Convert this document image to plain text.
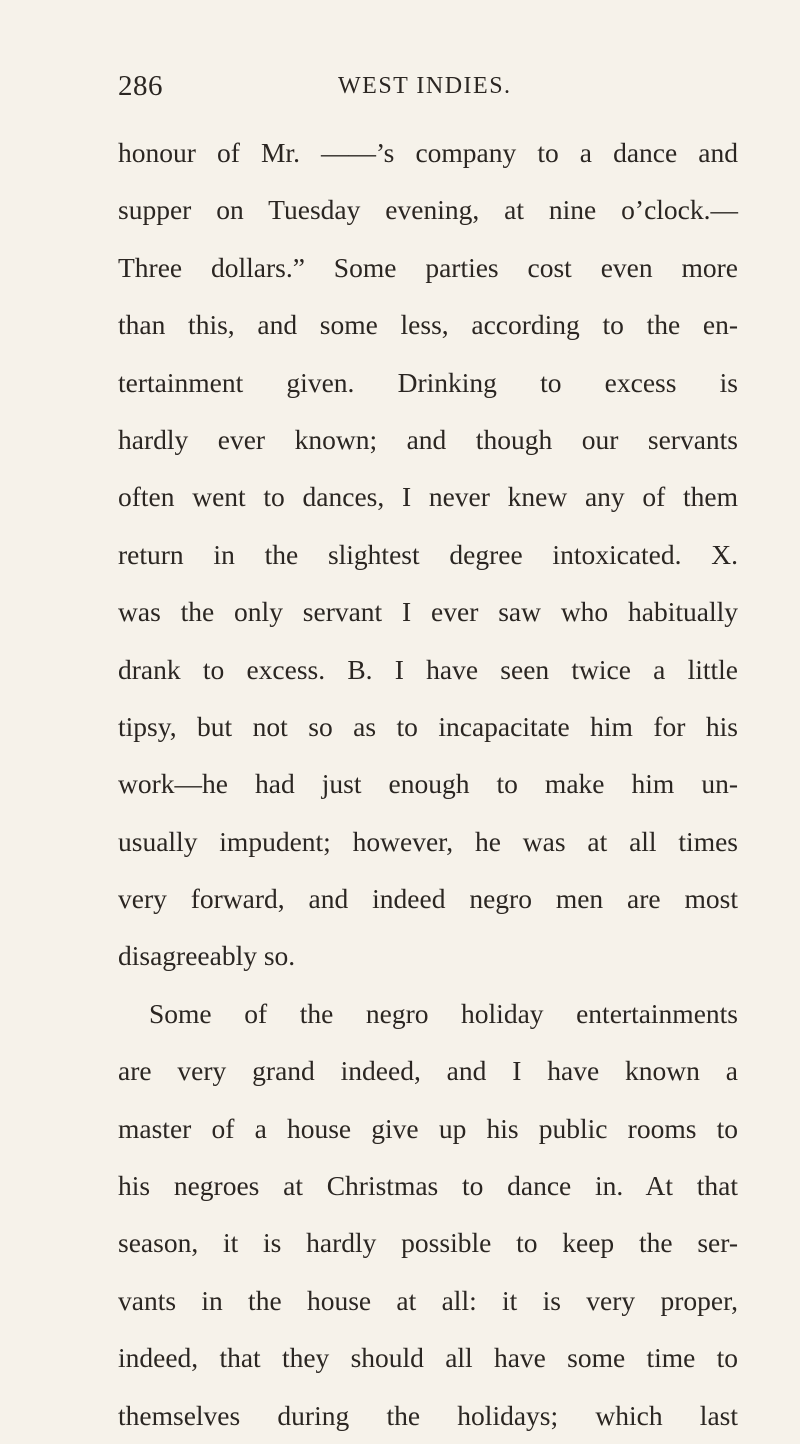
286	WEST INDIES.
honour of Mr. ——’s company to a dance and
supper on Tuesday evening, at nine o’clock.—
Three dollars.” Some parties cost even more
than this, and some less, according to the en-
tertainment given. Drinking to excess is
hardly ever known; and though our servants
often went to dances, I never knew any of them
return in the slightest degree intoxicated. X.
was the only servant I ever saw who habitually
drank to excess. B. I have seen twice a little
tipsy, but not so as to incapacitate him for his
work—he had just enough to make him un-
usually impudent; however, he was at all times
very forward, and indeed negro men are most
disagreeably so.
Some of the negro holiday entertainments
are very grand indeed, and I have known a
master of a house give up his public rooms to
his negroes at Christmas to dance in. At that
season, it is hardly possible to keep the ser-
vants in the house at all: it is very proper,
indeed, that they should all have some time to
themselves during the holidays; which last
